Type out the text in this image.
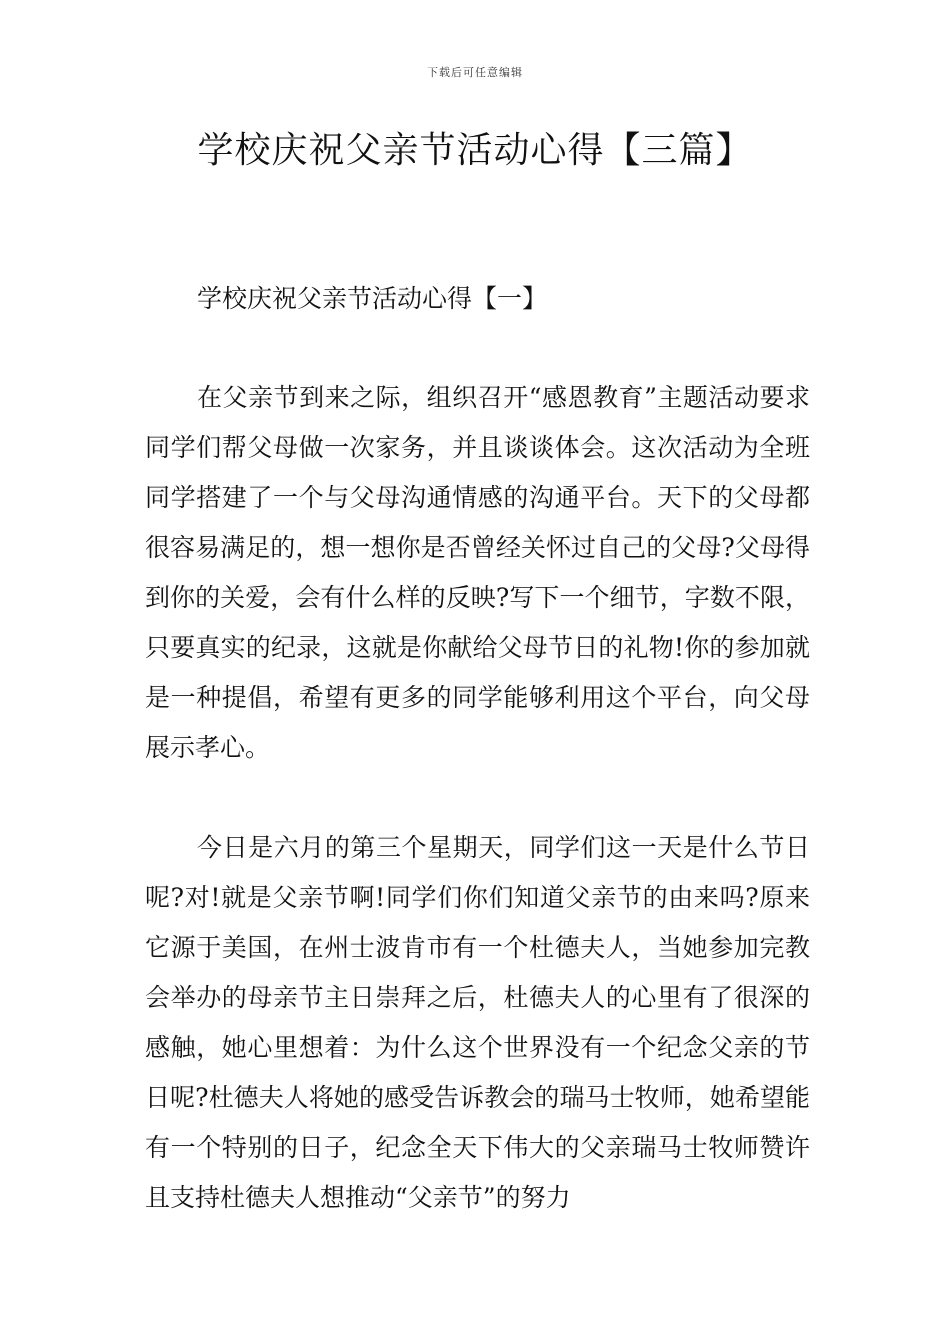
下载后可任意编辑
学校庆祝父亲节活动心得【三篇】
学校庆祝父亲节活动心得【一】

在父亲节到来之际，组织召开“感恩教育”主题活动要求同学们帮父母做一次家务，并且谈谈体会。这次活动为全班同学搭建了一个与父母沟通情感的沟通平台。天下的父母都很容易满足的，想一想你是否曾经关怀过自己的父母?父母得到你的关爱，会有什么样的反映?写下一个细节，字数不限，只要真实的纪录，这就是你献给父母节日的礼物!你的参加就是一种提倡，希望有更多的同学能够利用这个平台，向父母展示孝心。

今日是六月的第三个星期天，同学们这一天是什么节日呢?对!就是父亲节啊!同学们你们知道父亲节的由来吗?原来它源于美国，在州士波肯市有一个杜德夫人，当她参加完教会举办的母亲节主日崇拜之后，杜德夫人的心里有了很深的感触，她心里想着：为什么这个世界没有一个纪念父亲的节日呢?杜德夫人将她的感受告诉教会的瑞马士牧师，她希望能有一个特别的日子，纪念全天下伟大的父亲瑞马士牧师赞许且支持杜德夫人想推动“父亲节”的努力
